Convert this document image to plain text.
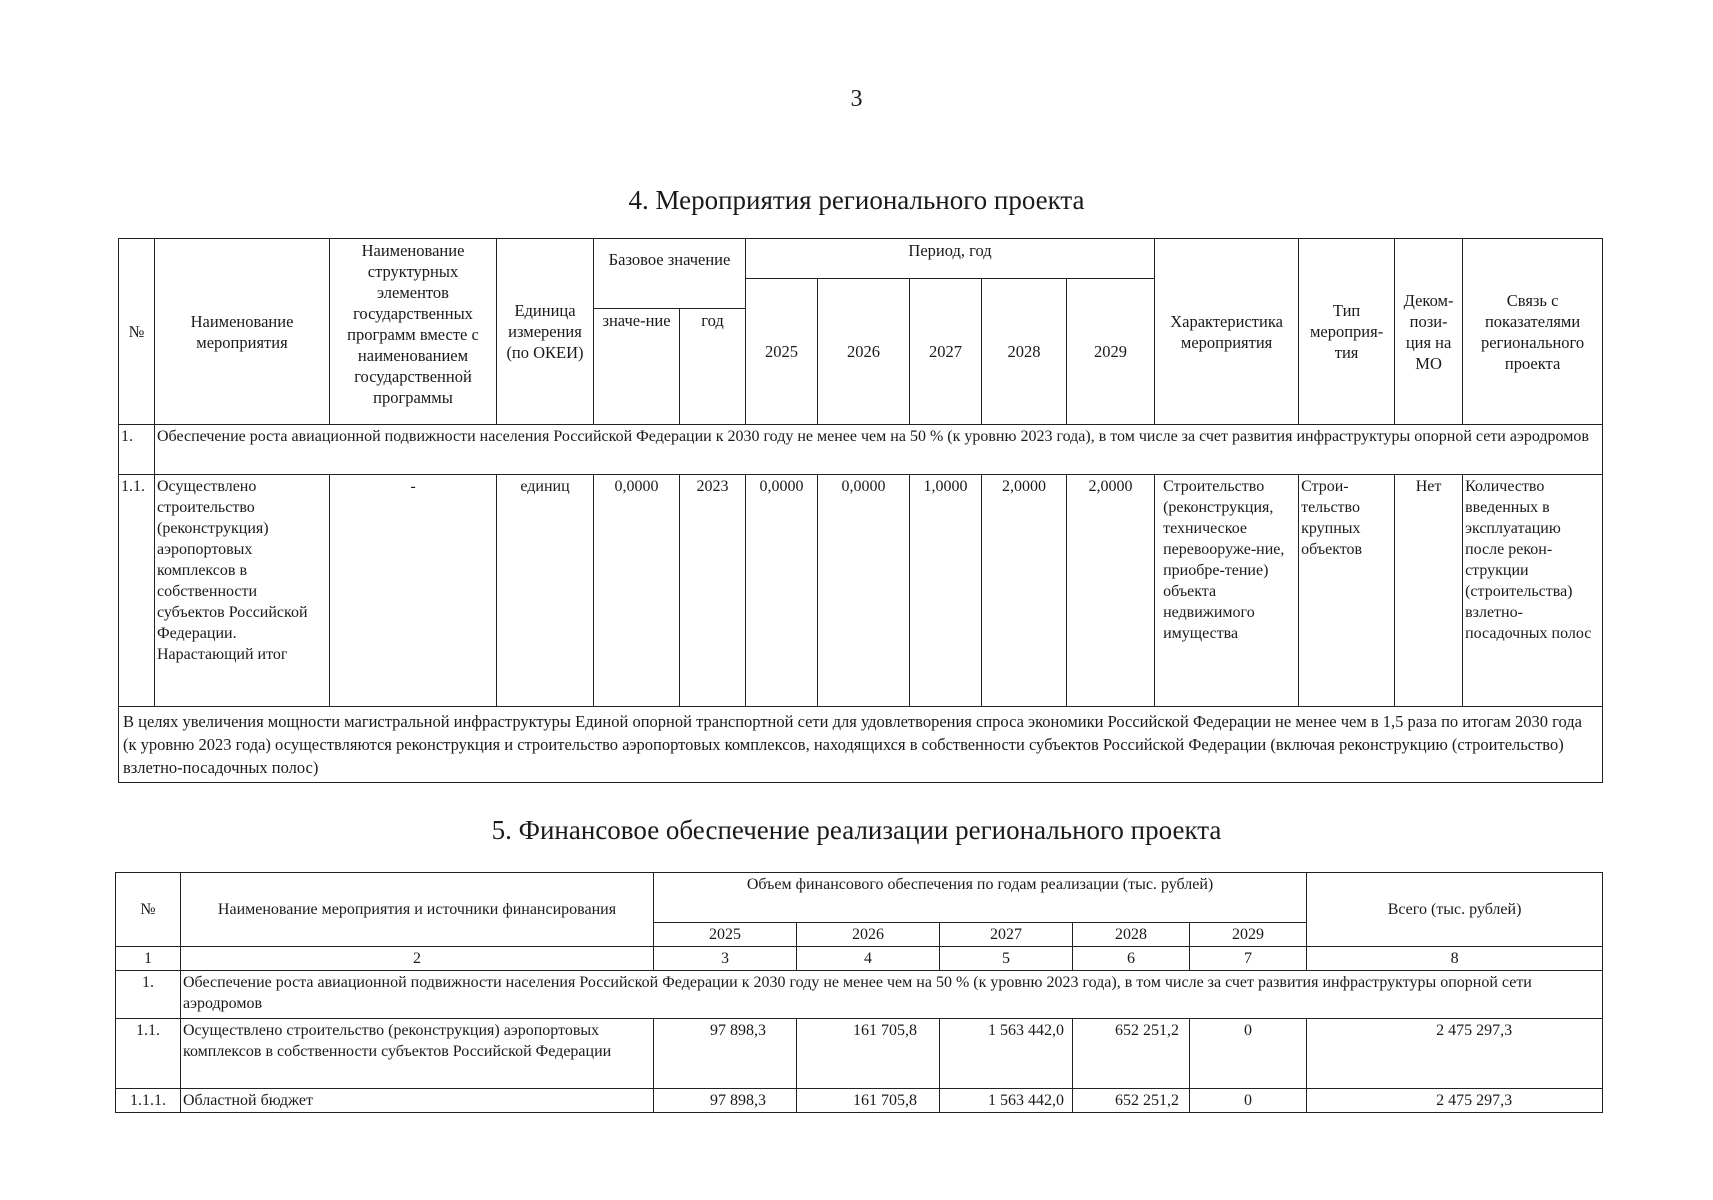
3
4. Мероприятия регионального проекта
№	Наименование мероприятия	Наименование структурных элементов государственных программ вместе с наименованием государственной программы	Единица измерения (по ОКЕИ)	Базовое значение		Период, год					Характеристика мероприятия	Тип мероприя-тия	Деком-пози-ция на МО	Связь с показателями регионального проекта
						2025	2026	2027	2028	2029				
				значе-ние	год									
1.	Обеспечение роста авиационной подвижности населения Российской Федерации к 2030 году не менее чем на 50 % (к уровню 2023 года), в том числе за счет развития инфраструктуры опорной сети аэродромов													
1.1.	Осуществлено строительство (реконструкция) аэропортовых комплексов в собственности субъектов Российской Федерации. Нарастающий итог	-	единиц	0,0000	2023	0,0000	0,0000	1,0000	2,0000	2,0000	Строительство (реконструкция, техническое перевооруже-ние, приобре-тение) объекта недвижимого имущества	Строи-тельство крупных объектов	Нет	Количество введенных в эксплуатацию после рекон-струкции (строительства) взлетно-посадочных полос
В целях увеличения мощности магистральной инфраструктуры Единой опорной транспортной сети для удовлетворения спроса экономики Российской Федерации не менее чем в 1,5 раза по итогам 2030 года (к уровню 2023 года) осуществляются реконструкция и строительство аэропортовых комплексов, находящихся в собственности субъектов Российской Федерации (включая реконструкцию (строительство) взлетно-посадочных полос)														
5. Финансовое обеспечение реализации регионального проекта
№	Наименование мероприятия и источники финансирования	Объем финансового обеспечения по годам реализации (тыс. рублей)					Всего (тыс. рублей)
		2025	2026	2027	2028	2029	
1	2	3	4	5	6	7	8
1.	Обеспечение роста авиационной подвижности населения Российской Федерации к 2030 году не менее чем на 50 % (к уровню 2023 года), в том числе за счет развития инфраструктуры опорной сети аэродромов						
1.1.	Осуществлено строительство (реконструкция) аэропортовых комплексов в собственности субъектов Российской Федерации	97 898,3	161 705,8	1 563 442,0	652 251,2	0	2 475 297,3
1.1.1.	Областной бюджет	97 898,3	161 705,8	1 563 442,0	652 251,2	0	2 475 297,3
